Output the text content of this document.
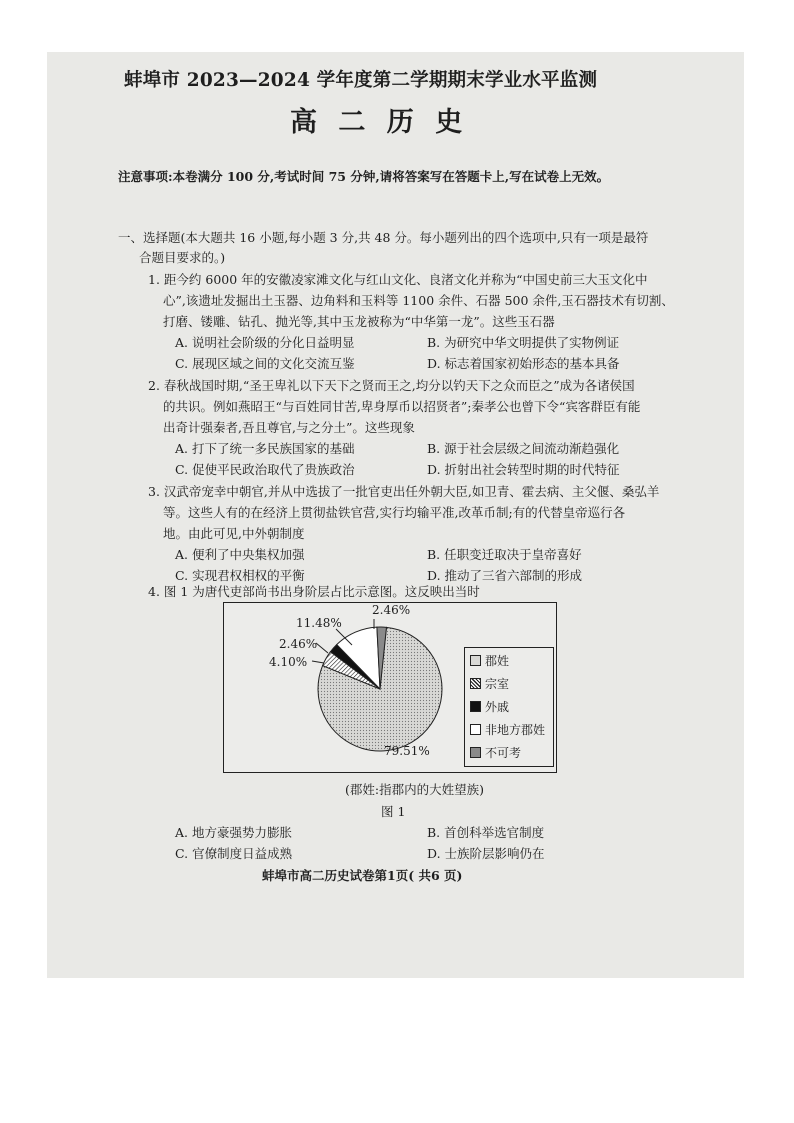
蚌埠市 2023—2024 学年度第二学期期末学业水平监测
高 二 历 史
注意事项:本卷满分 100 分,考试时间 75 分钟,请将答案写在答题卡上,写在试卷上无效。
一、选择题(本大题共 16 小题,每小题 3 分,共 48 分。每小题列出的四个选项中,只有一项是最符
合题目要求的。)
1. 距今约 6000 年的安徽凌家滩文化与红山文化、良渚文化并称为“中国史前三大玉文化中
心”,该遗址发掘出土玉器、边角料和玉料等 1100 余件、石器 500 余件,玉石器技术有切割、
打磨、镂雕、钻孔、抛光等,其中玉龙被称为“中华第一龙”。这些玉石器
A. 说明社会阶级的分化日益明显	B. 为研究中华文明提供了实物例证
C. 展现区域之间的文化交流互鉴	D. 标志着国家初始形态的基本具备
2. 春秋战国时期,“圣王卑礼以下天下之贤而王之,均分以钓天下之众而臣之”成为各诸侯国
的共识。例如燕昭王“与百姓同甘苦,卑身厚币以招贤者”;秦孝公也曾下令“宾客群臣有能
出奇计强秦者,吾且尊官,与之分土”。这些现象
A. 打下了统一多民族国家的基础	B. 源于社会层级之间流动渐趋强化
C. 促使平民政治取代了贵族政治	D. 折射出社会转型时期的时代特征
3. 汉武帝宠幸中朝官,并从中选拔了一批官吏出任外朝大臣,如卫青、霍去病、主父偃、桑弘羊
等。这些人有的在经济上贯彻盐铁官营,实行均输平准,改革币制;有的代替皇帝巡行各
地。由此可见,中外朝制度
A. 便利了中央集权加强	B. 任职变迁取决于皇帝喜好
C. 实现君权相权的平衡	D. 推动了三省六部制的形成
4. 图 1 为唐代吏部尚书出身阶层占比示意图。这反映出当时
2.46%
11.48%
2.46%
4.10%
79.51%
郡姓
宗室
外戚
非地方郡姓
不可考
(郡姓:指郡内的大姓望族)
图 1
A. 地方豪强势力膨胀	B. 首创科举选官制度
C. 官僚制度日益成熟	D. 士族阶层影响仍在
蚌埠市高二历史试卷第1页( 共6 页)
